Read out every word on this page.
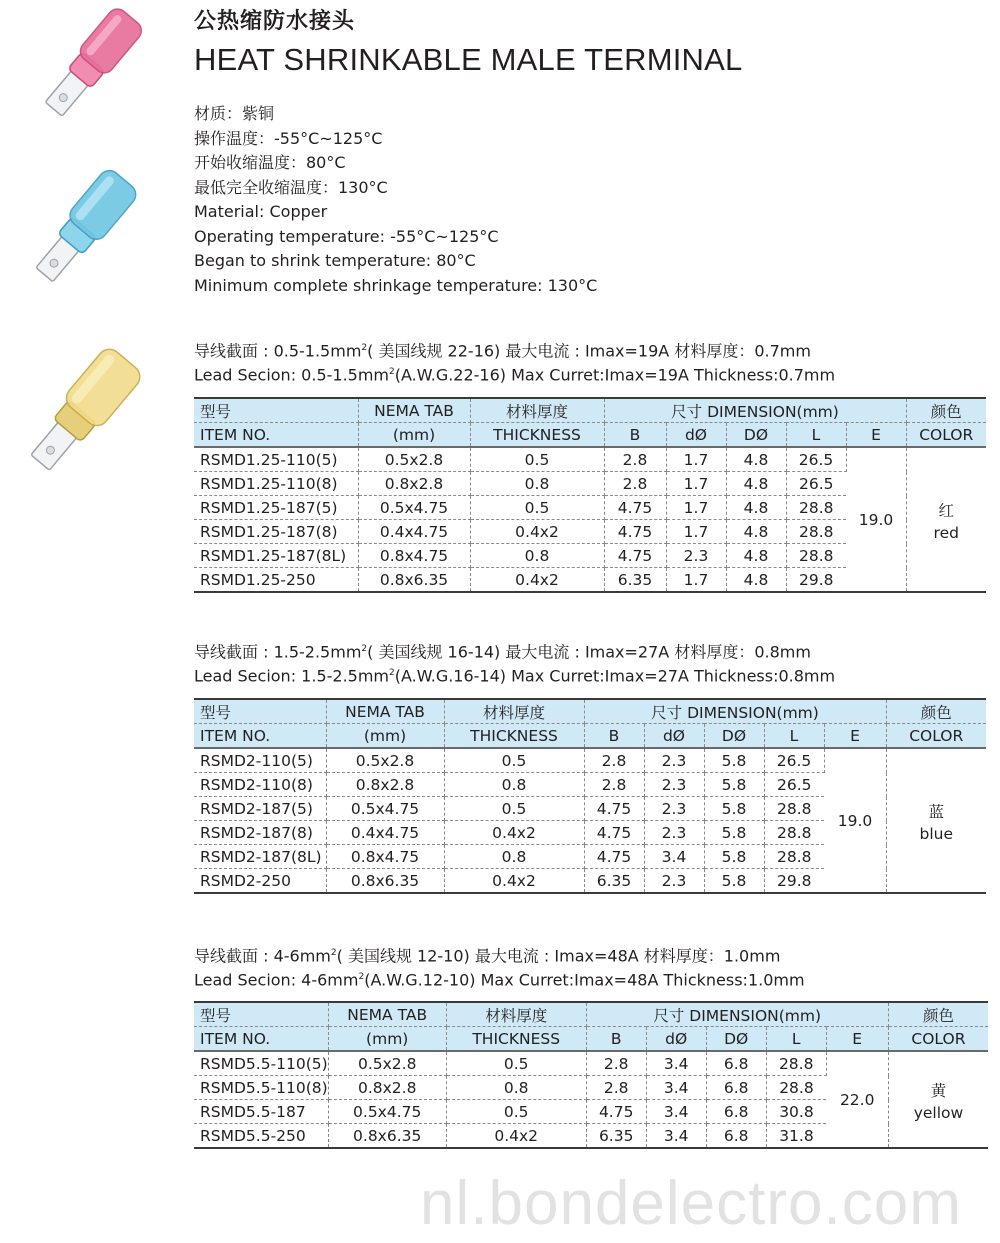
公热缩防水接头
HEAT SHRINKABLE MALE TERMINAL
材质：紫铜
操作温度：-55°C~125°C
开始收缩温度：80°C
最低完全收缩温度：130°C
Material: Copper
Operating temperature: -55°C~125°C
Began to shrink temperature: 80°C
Minimum complete shrinkage temperature: 130°C
导线截面 : $0.5-1.5mm^2$( 美国线规 22-16) 最大电流 : Imax=19A 材料厚度：0.7mm
Lead Secion: $0.5-1.5mm^2(A.W.G.22-16)$ Max Curret:Imax=19A Thickness:0.7mm
型号	NEMA TAB	材料厚度	尺寸 DIMENSION(mm)					颜色
ITEM NO.	(mm)	THICKNESS	B	dØ	DØ	L	E	COLOR
RSMD1.25-110(5)	0.5x2.8	0.5	2.8	1.7	4.8	26.5	19.0	红
red

RSMD1.25-110(8)	0.8x2.8	0.8	2.8	1.7	4.8	26.5		
RSMD1.25-187(5)	0.5x4.75	0.5	4.75	1.7	4.8	28.8		
RSMD1.25-187(8)	0.4x4.75	0.4x2	4.75	1.7	4.8	28.8		
RSMD1.25-187(8L)	0.8x4.75	0.8	4.75	2.3	4.8	28.8		
RSMD1.25-250	0.8x6.35	0.4x2	6.35	1.7	4.8	29.8		
导线截面 : $1.5-2.5mm^2$( 美国线规 16-14) 最大电流 : Imax=27A 材料厚度：0.8mm
Lead Secion: $1.5-2.5mm^2(A.W.G.16-14)$ Max Curret:Imax=27A Thickness:0.8mm
型号	NEMA TAB	材料厚度	尺寸 DIMENSION(mm)					颜色
ITEM NO.	(mm)	THICKNESS	B	dØ	DØ	L	E	COLOR
RSMD2-110(5)	0.5x2.8	0.5	2.8	2.3	5.8	26.5	19.0	蓝
blue

RSMD2-110(8)	0.8x2.8	0.8	2.8	2.3	5.8	26.5		
RSMD2-187(5)	0.5x4.75	0.5	4.75	2.3	5.8	28.8		
RSMD2-187(8)	0.4x4.75	0.4x2	4.75	2.3	5.8	28.8		
RSMD2-187(8L)	0.8x4.75	0.8	4.75	3.4	5.8	28.8		
RSMD2-250	0.8x6.35	0.4x2	6.35	2.3	5.8	29.8		
导线截面 : $4-6mm^2$( 美国线规 12-10) 最大电流 : Imax=48A 材料厚度：1.0mm
Lead Secion: $4-6mm^2(A.W.G.12-10)$ Max Curret:Imax=48A Thickness:1.0mm
型号	NEMA TAB	材料厚度	尺寸 DIMENSION(mm)					颜色
ITEM NO.	(mm)	THICKNESS	B	dØ	DØ	L	E	COLOR
RSMD5.5-110(5)	0.5x2.8	0.5	2.8	3.4	6.8	28.8	22.0	黄
yellow

RSMD5.5-110(8)	0.8x2.8	0.8	2.8	3.4	6.8	28.8		
RSMD5.5-187	0.5x4.75	0.5	4.75	3.4	6.8	30.8		
RSMD5.5-250	0.8x6.35	0.4x2	6.35	3.4	6.8	31.8		
nl.bondelectro.com
